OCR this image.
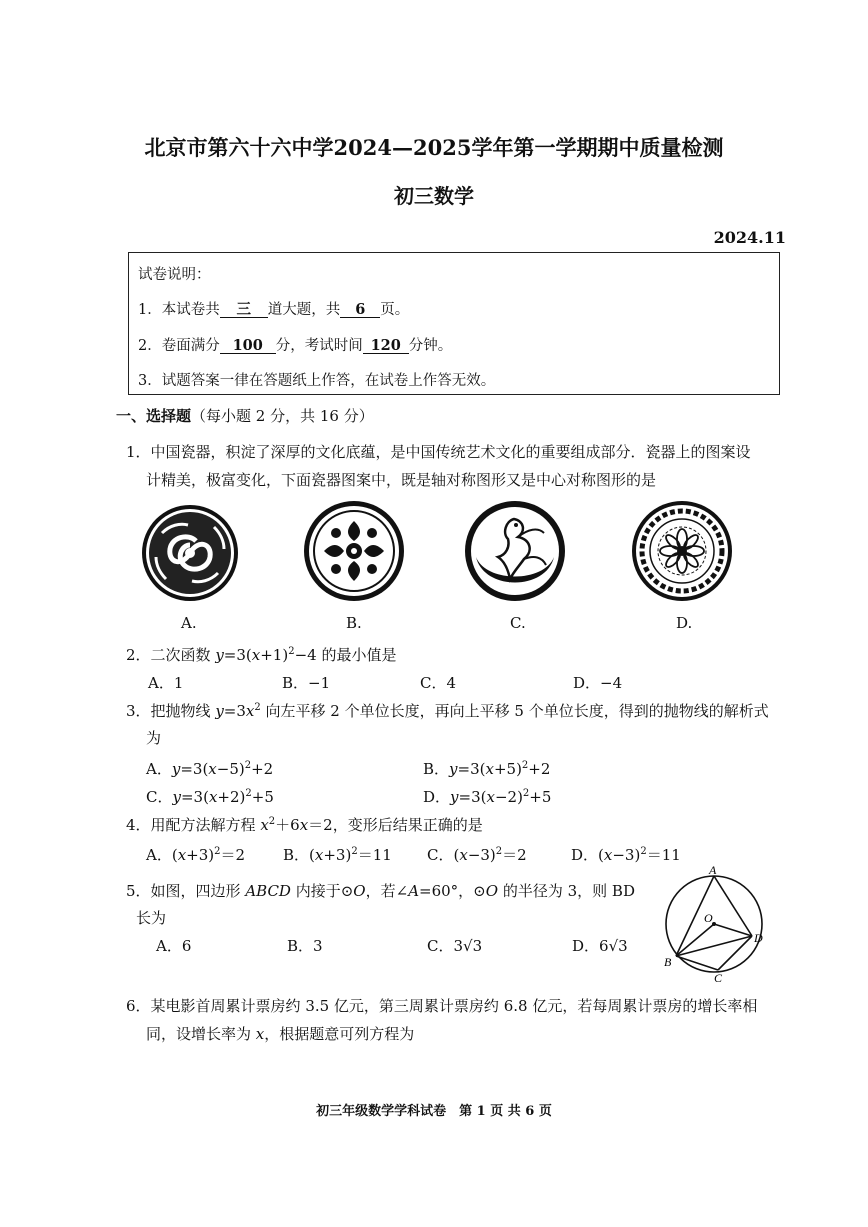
北京市第六十六中学2024—2025学年第一学期期中质量检测
初三数学
2024.11
试卷说明：
1．本试卷共 三 道大题，共 6 页。
2．卷面满分 100 分，考试时间 120 分钟。
3．试题答案一律在答题纸上作答，在试卷上作答无效。
一、选择题（每小题 2 分，共 16 分）
1．中国瓷器，积淀了深厚的文化底蕴，是中国传统艺术文化的重要组成部分．瓷器上的图案设
计精美，极富变化，下面瓷器图案中，既是轴对称图形又是中心对称图形的是
A.	B.	C.	D.
2．二次函数 $y=3(x+1)^2-4$ 的最小值是
A．1	B．−1	C．4	D．−4
3．把抛物线 $y=3x^2$ 向左平移 2 个单位长度，再向上平移 5 个单位长度，得到的抛物线的解析式
为
A．$y=3(x-5)^2+2$	B．$y=3(x+5)^2+2$
C．$y=3(x+2)^2+5$	D．$y=3(x-2)^2+5$
4．用配方法解方程 $x^2+6x=2$，变形后结果正确的是
A．$(x+3)^2=2$	B．$(x+3)^2=11$ C．$(x-3)^2=2$	D．$(x-3)^2=11$
5．如图，四边形 ABCD 内接于⊙O，若∠A=60°，⊙O 的半径为 3，则 BD
长为
A．6	B．3	C．3√3	D．6√3
A
B
C
D
O
6．某电影首周累计票房约 3.5 亿元，第三周累计票房约 6.8 亿元，若每周累计票房的增长率相
同，设增长率为 x，根据题意可列方程为
初三年级数学学科试卷　第 1 页 共 6 页
